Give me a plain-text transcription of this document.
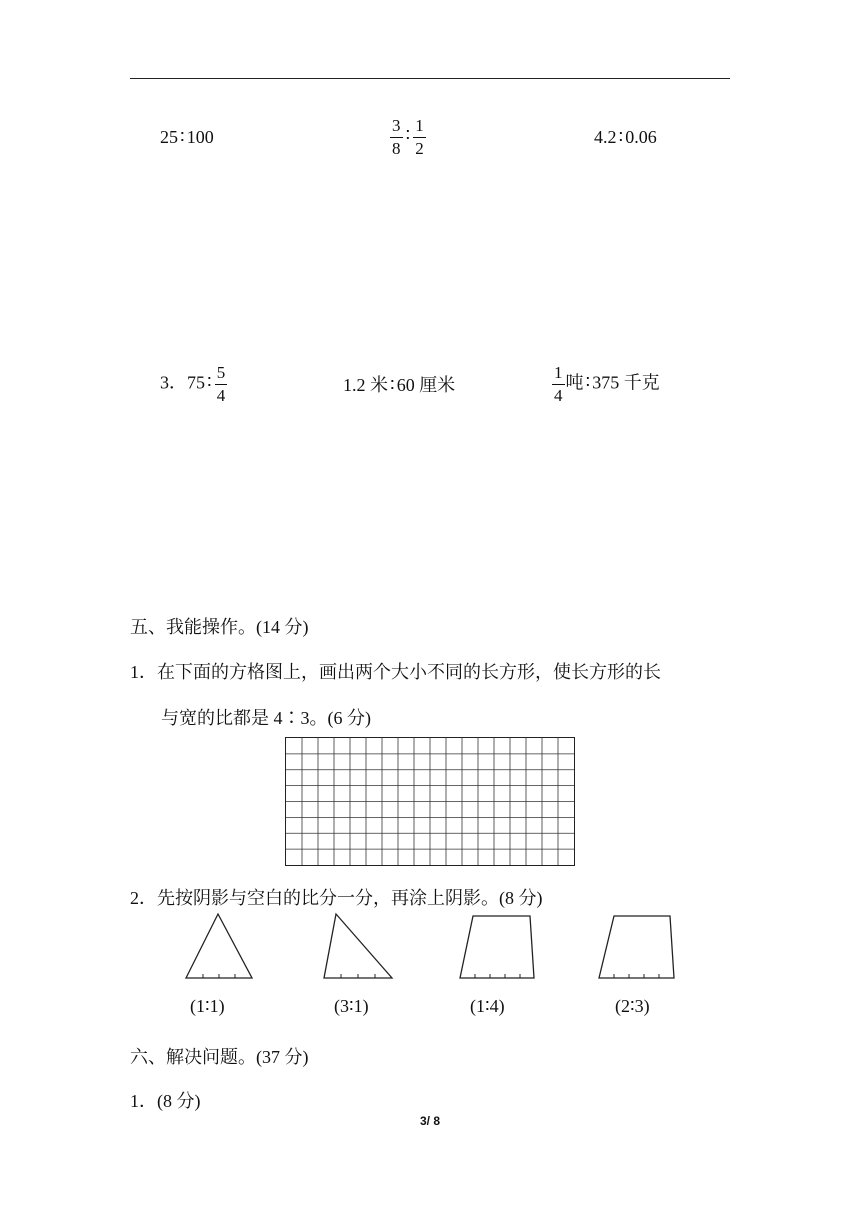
25 ∶ 100	$\frac{3}{8}$ ∶ $\frac{1}{2}$	4.2 ∶ 0.06
3．75 ∶ $\frac{5}{4}$	1.2 米 ∶ 60 厘米	$\frac{1}{4}$ 吨 ∶ 375 千克
五、我能操作。(14 分)
1．在下面的方格图上，画出两个大小不同的长方形，使长方形的长
与宽的比都是 4∶3。(6 分)
2．先按阴影与空白的比分一分，再涂上阴影。(8 分)
(1∶1)	(3∶1)	(1∶4)	(2∶3)
六、解决问题。(37 分)
1．(8 分)
3/ 8
